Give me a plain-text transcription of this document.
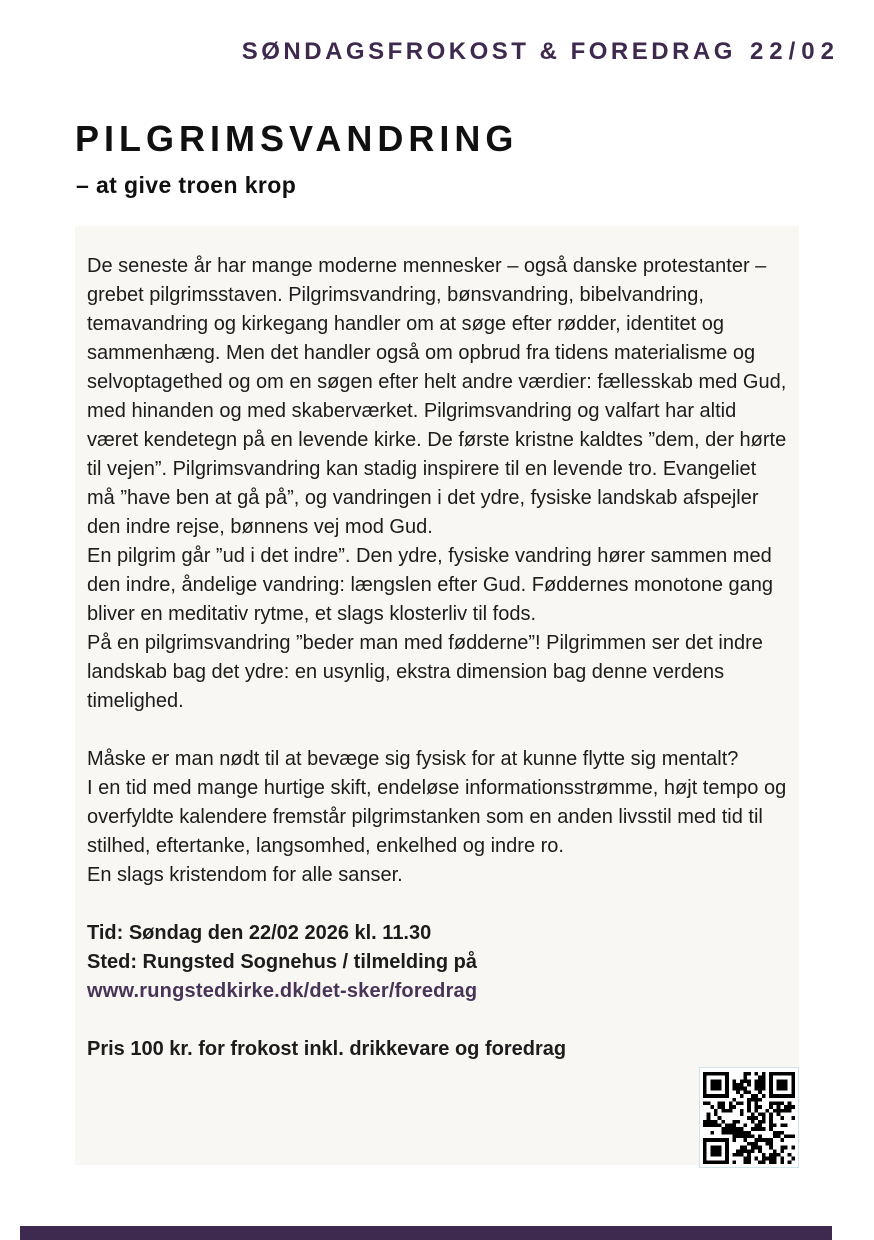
SØNDAGSFROKOST & FOREDRAG 22/02
PILGRIMSVANDRING
– at give troen krop

De seneste år har mange moderne mennesker – også danske protestanter – grebet pilgrimsstaven. Pilgrimsvandring, bønsvandring, bibelvandring, temavandring og kirkegang handler om at søge efter rødder, identitet og sammenhæng. Men det handler også om opbrud fra tidens materialisme og selvoptagethed og om en søgen efter helt andre værdier: fællesskab med Gud, med hinanden og med skaberværket. Pilgrimsvandring og valfart har altid været kendetegn på en levende kirke. De første kristne kaldtes ”dem, der hørte til vejen”. Pilgrimsvandring kan stadig inspirere til en levende tro. Evangeliet må ”have ben at gå på”, og vandringen i det ydre, fysiske landskab afspejler den indre rejse, bønnens vej mod Gud.

En pilgrim går ”ud i det indre”. Den ydre, fysiske vandring hører sammen med den indre, åndelige vandring: længslen efter Gud. Føddernes monotone gang bliver en meditativ rytme, et slags klosterliv til fods.

På en pilgrimsvandring ”beder man med fødderne”! Pilgrimmen ser det indre landskab bag det ydre: en usynlig, ekstra dimension bag denne verdens timelighed.

Måske er man nødt til at bevæge sig fysisk for at kunne flytte sig mentalt?

I en tid med mange hurtige skift, endeløse informationsstrømme, højt tempo og overfyldte kalendere fremstår pilgrimstanken som en anden livsstil med tid til stilhed, eftertanke, langsomhed, enkelhed og indre ro.

En slags kristendom for alle sanser.

Tid: Søndag den 22/02 2026 kl. 11.30

Sted: Rungsted Sognehus / tilmelding på

www.rungstedkirke.dk/det-sker/foredrag

Pris 100 kr. for frokost inkl. drikkevare og foredrag
